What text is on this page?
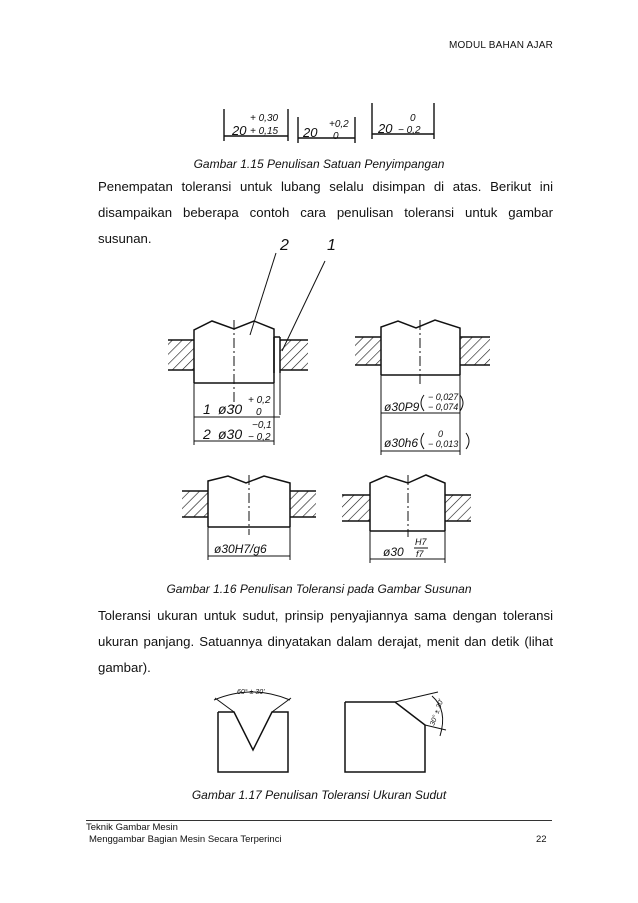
MODUL BAHAN AJAR
20
+ 0,30
+ 0,15 20
+0,2
0
20
0
− 0,2
Gambar 1.15 Penulisan Satuan Penyimpangan
Penempatan toleransi untuk lubang selalu disimpan di atas. Berikut ini disampaikan beberapa contoh cara penulisan toleransi untuk gambar susunan.	2 1
1 ø30
+ 0,2
0
2 ø30
−0,1
− 0,2
ø30P9
− 0,027
− 0,074
ø30h6
0
− 0,013
ø30H7/g6	ø30
H7
f7
Gambar 1.16 Penulisan Toleransi pada Gambar Susunan
Toleransi ukuran untuk sudut, prinsip penyajiannya sama dengan toleransi ukuran panjang. Satuannya dinyatakan dalam derajat, menit dan detik (lihat gambar).
60° ± 30'
30° ± 30'
Gambar 1.17 Penulisan Toleransi Ukuran Sudut
Teknik Gambar Mesin
Menggambar Bagian Mesin Secara Terperinci	22
